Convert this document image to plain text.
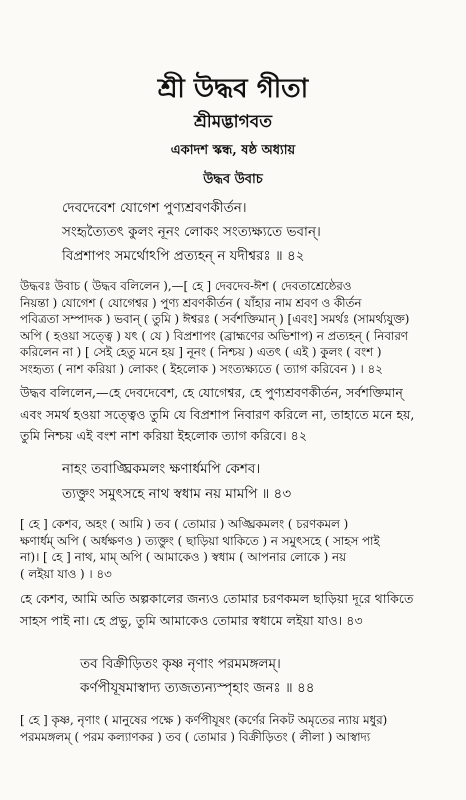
শ্রী উদ্ধব গীতা
শ্রীমদ্ভাগবত
একাদশ স্কন্ধ, ষষ্ঠ অধ্যায়
উদ্ধব উবাচ
দেবদেবেশ যোগেশ পুণ্যশ্রবণকীর্তন।
সংহৃত্যৈতৎ কুলং নূনং লোকং সংত্যক্ষ্যতে ভবান্।
বিপ্রশাপং সমর্থোঽপি প্রত্যহন্ ন যদীশ্বরঃ ॥ ৪২

উদ্ধবঃ উবাচ ( উদ্ধব বলিলেন ),—[ হে ] দেবদেব-ঈশ ( দেবতাশ্রেষ্ঠেরও

নিয়ন্তা ) যোগেশ ( যোগেশ্বর ) পুণ্য শ্রবণকীর্তন ( যাঁহার নাম শ্রবণ ও কীর্তন

পবিত্রতা সম্পাদক ) ভবান্ ( তুমি ) ঈশ্বরঃ ( সর্বশক্তিমান্ ) [এবং] সমর্থঃ (সামর্থ্যযুক্ত)

অপি ( হওয়া সত্ত্বে ) যৎ ( যে ) বিপ্রশাপং (ব্রাহ্মণের অভিশাপ) ন প্রত্যহন্ ( নিবারণ

করিলেন না ) [ সেই হেতু মনে হয় ] নূনং ( নিশ্চয় ) এতৎ ( এই ) কুলং ( বংশ )

সংহৃত্য ( নাশ করিয়া ) লোকং ( ইহলোক ) সংত্যক্ষ্যতে ( ত্যাগ করিবেন ) । ৪২

উদ্ধব বলিলেন,—হে দেবদেবেশ, হে যোগেশ্বর, হে পুণ্যশ্রবণকীর্তন, সর্বশক্তিমান্

এবং সমর্থ হওয়া সত্ত্বেও তুমি যে বিপ্রশাপ নিবারণ করিলে না, তাহাতে মনে হয়,

তুমি নিশ্চয় এই বংশ নাশ করিয়া ইহলোক ত্যাগ করিবে। ৪২

নাহং তবাঙ্ঘ্রিকমলং ক্ষণার্ধমপি কেশব।
ত্যক্তুং সমুৎসহে নাথ স্বধাম নয় মামপি ॥ ৪৩

[ হে ] কেশব, অহং ( আমি ) তব ( তোমার ) অঙ্ঘ্রিকমলং ( চরণকমল )

ক্ষণার্ধম্ অপি ( অর্ধক্ষণও ) ত্যক্তুং ( ছাড়িয়া থাকিতে ) ন সমুৎসহে ( সাহস পাই

না)। [ হে ] নাথ, মাম্ অপি ( আমাকেও ) স্বধাম ( আপনার লোকে ) নয়

( লইয়া যাও ) । ৪৩

হে কেশব, আমি অতি অল্পকালের জন্যও তোমার চরণকমল ছাড়িয়া দূরে থাকিতে

সাহস পাই না। হে প্রভু, তুমি আমাকেও তোমার স্বধামে লইয়া যাও। ৪৩

তব বিক্রীড়িতং কৃষ্ণ নৃণাং পরমমঙ্গলম্।
কর্ণপীযূষমাস্বাদ্য ত্যজত্যন্যস্পৃহাং জনঃ ॥ ৪৪

[ হে ] কৃষ্ণ, নৃণাং ( মানুষের পক্ষে ) কর্ণপীযূষং (কর্ণের নিকট অমৃতের ন্যায় মধুর)

পরমমঙ্গলম্ ( পরম কল্যাণকর ) তব ( তোমার ) বিক্রীড়িতং ( লীলা ) আস্বাদ্য
